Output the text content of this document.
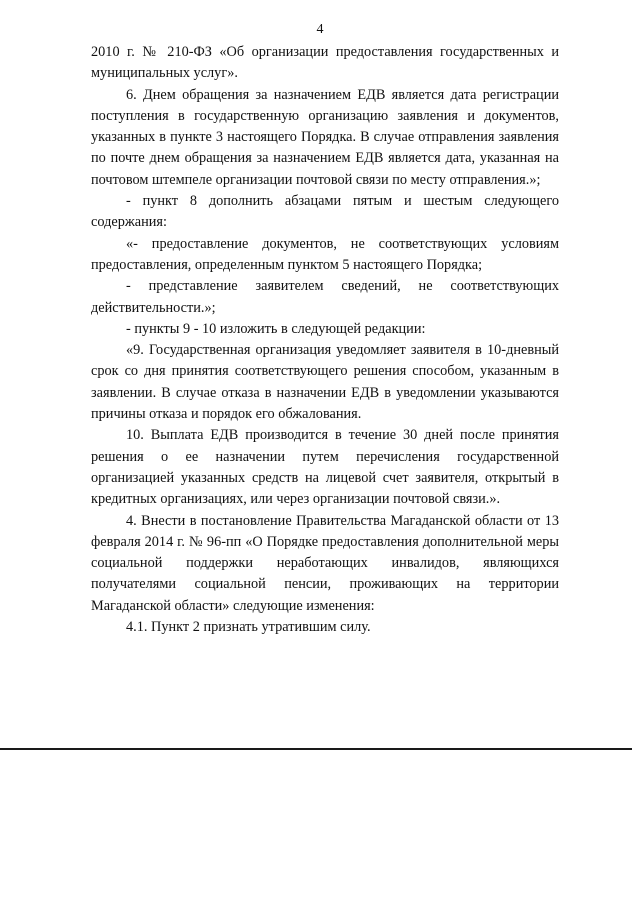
4

2010 г. № 210-ФЗ «Об организации предоставления государственных и муниципальных услуг».

6. Днем обращения за назначением ЕДВ является дата регистрации поступления в государственную организацию заявления и документов, указанных в пункте 3 настоящего Порядка. В случае отправления заявления по почте днем обращения за назначением ЕДВ является дата, указанная на почтовом штемпеле организации почтовой связи по месту отправления.»;

- пункт 8 дополнить абзацами пятым и шестым следующего содержания:

«- предоставление документов, не соответствующих условиям предоставления, определенным пунктом 5 настоящего Порядка;

- представление заявителем сведений, не соответствующих действительности.»;

- пункты 9 - 10 изложить в следующей редакции:

«9. Государственная организация уведомляет заявителя в 10-дневный срок со дня принятия соответствующего решения способом, указанным в заявлении. В случае отказа в назначении ЕДВ в уведомлении указываются причины отказа и порядок его обжалования.

10. Выплата ЕДВ производится в течение 30 дней после принятия решения о ее назначении путем перечисления государственной организацией указанных средств на лицевой счет заявителя, открытый в кредитных организациях, или через организации почтовой связи.».

4. Внести в постановление Правительства Магаданской области от 13 февраля 2014 г. № 96-пп «О Порядке предоставления дополнительной меры социальной поддержки неработающих инвалидов, являющихся получателями социальной пенсии, проживающих на территории Магаданской области» следующие изменения:

4.1. Пункт 2 признать утратившим силу.
